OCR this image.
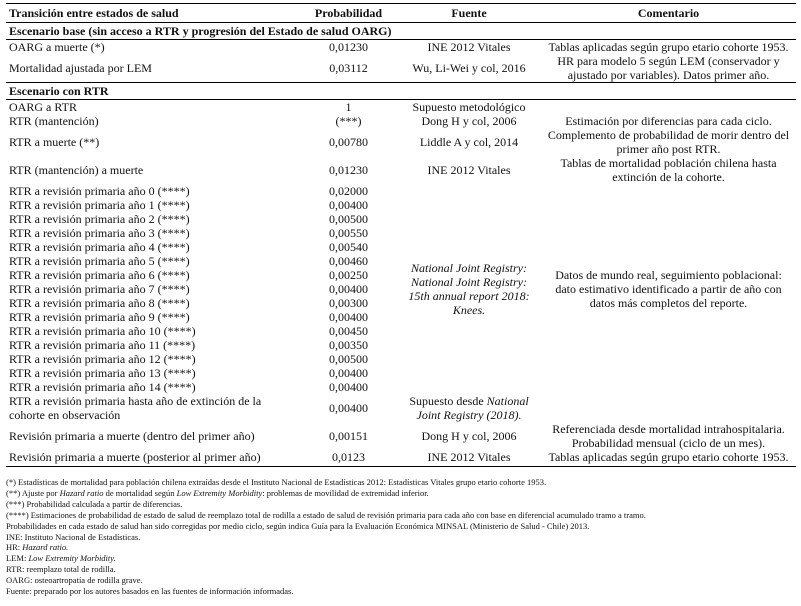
Transición entre estados de salud	Probabilidad	Fuente	Comentario
Escenario base (sin acceso a RTR y progresión del Estado de salud OARG)			
OARG a muerte (*)	0,01230	INE 2012 Vitales	Tablas aplicadas según grupo etario cohorte 1953.
Mortalidad ajustada por LEM	0,03112	Wu, Li-Wei y col, 2016	HR para modelo 5 según LEM (conservador y ajustado por variables). Datos primer año.
Escenario con RTR			
OARG a RTR	1	Supuesto metodológico	
RTR (mantención)	(***)	Dong H y col, 2006	Estimación por diferencias para cada ciclo.
RTR a muerte (**)	0,00780	Liddle A y col, 2014	Complemento de probabilidad de morir dentro del primer año post RTR.
RTR (mantención) a muerte	0,01230	INE 2012 Vitales	Tablas de mortalidad población chilena hasta extinción de la cohorte.
RTR a revisión primaria año 0 (****)	0,02000	National Joint Registry: National Joint Registry: 15th annual report 2018: Knees.	Datos de mundo real, seguimiento poblacional: dato estimativo identificado a partir de año con datos más completos del reporte.
RTR a revisión primaria año 1 (****)	0,00400		
RTR a revisión primaria año 2 (****)	0,00500		
RTR a revisión primaria año 3 (****)	0,00550		
RTR a revisión primaria año 4 (****)	0,00540		
RTR a revisión primaria año 5 (****)	0,00460		
RTR a revisión primaria año 6 (****)	0,00250		
RTR a revisión primaria año 7 (****)	0,00400		
RTR a revisión primaria año 8 (****)	0,00300		
RTR a revisión primaria año 9 (****)	0,00400		
RTR a revisión primaria año 10 (****)	0,00450		
RTR a revisión primaria año 11 (****)	0,00350		
RTR a revisión primaria año 12 (****)	0,00500		
RTR a revisión primaria año 13 (****)	0,00400		
RTR a revisión primaria año 14 (****)	0,00400		
RTR a revisión primaria hasta año de extinción de la cohorte en observación	0,00400	Supuesto desde National Joint Registry (2018).	
Revisión primaria a muerte (dentro del primer año)	0,00151	Dong H y col, 2006	Referenciada desde mortalidad intrahospitalaria. Probabilidad mensual (ciclo de un mes).
Revisión primaria a muerte (posterior al primer año)	0,0123	INE 2012 Vitales	Tablas aplicadas según grupo etario cohorte 1953.
(*) Estadísticas de mortalidad para población chilena extraídas desde el Instituto Nacional de Estadísticas 2012: Estadísticas Vitales grupo etario cohorte 1953.
(**) Ajuste por Hazard ratio de mortalidad según Low Extremity Morbidity: problemas de movilidad de extremidad inferior.
(***) Probabilidad calculada a partir de diferencias.
(****) Estimaciones de probabilidad de estado de salud de reemplazo total de rodilla a estado de salud de revisión primaria para cada año con base en diferencial acumulado tramo a tramo.
Probabilidades en cada estado de salud han sido corregidas por medio ciclo, según indica Guía para la Evaluación Económica MINSAL (Ministerio de Salud - Chile) 2013.
INE: Instituto Nacional de Estadísticas.
HR: Hazard ratio.
LEM: Low Extremity Morbidity.
RTR: reemplazo total de rodilla.
OARG: osteoartropatía de rodilla grave.
Fuente: preparado por los autores basados en las fuentes de información informadas.
